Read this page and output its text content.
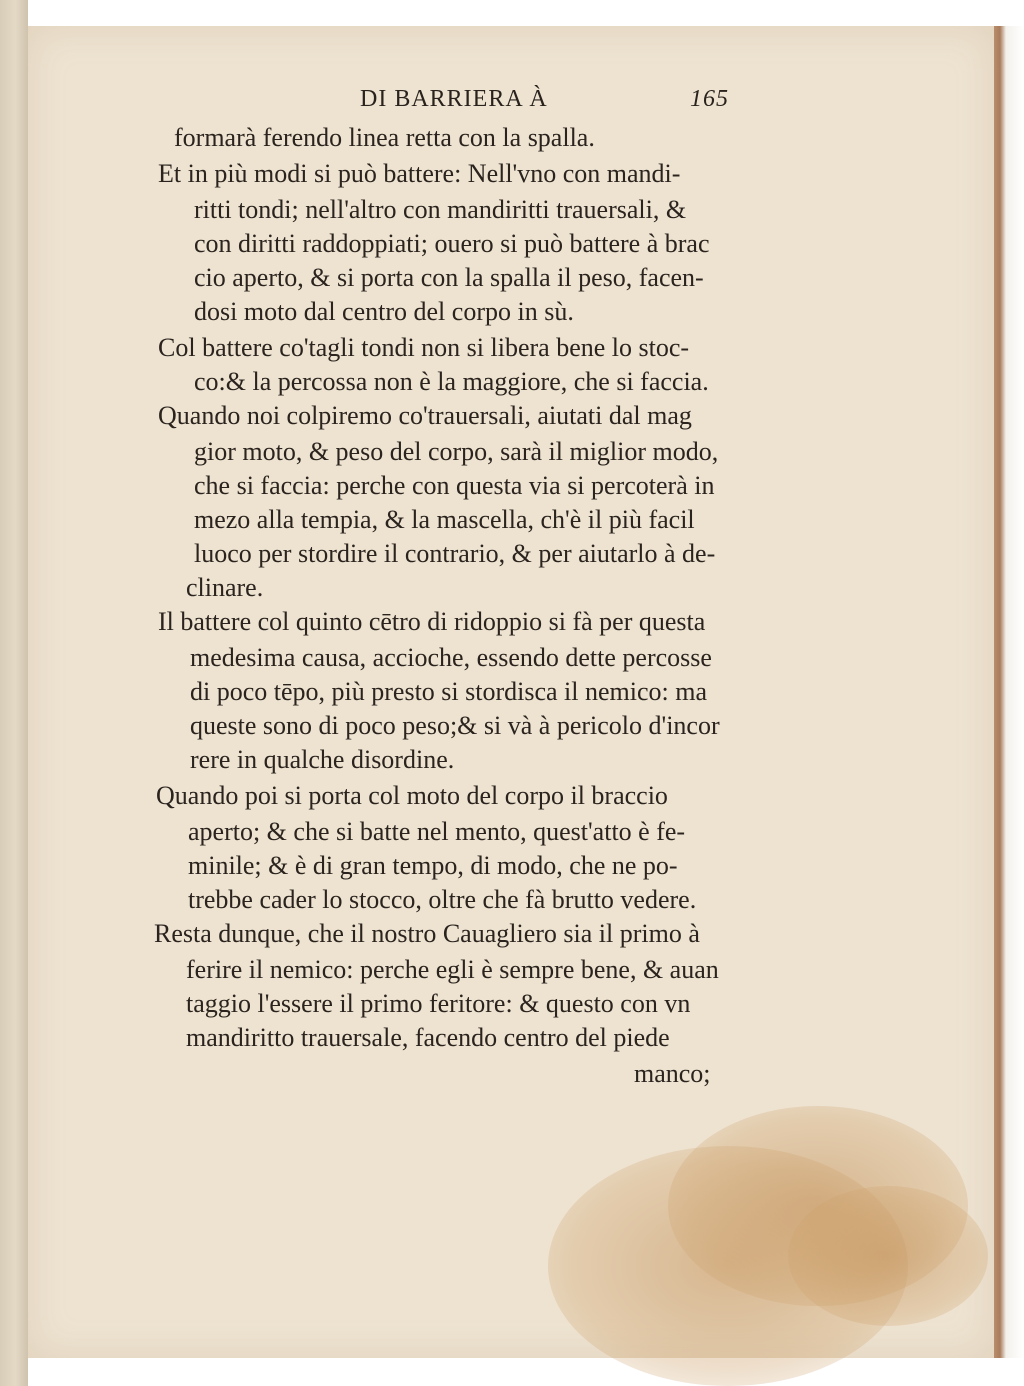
DI BARRIERA À	165
formarà ferendo linea retta con la spalla.
Et in più modi si può battere: Nell'vno con mandi-
ritti tondi; nell'altro con mandiritti trauersali, &
con diritti raddoppiati; ouero si può battere à brac
cio aperto, & si porta con la spalla il peso, facen-
dosi moto dal centro del corpo in sù.
Col battere co'tagli tondi non si libera bene lo stoc-
co:& la percossa non è la maggiore, che si faccia.
Quando noi colpiremo co'trauersali, aiutati dal mag
gior moto, & peso del corpo, sarà il miglior modo,
che si faccia: perche con questa via si percoterà in
mezo alla tempia, & la mascella, ch'è il più facil
luoco per stordire il contrario, & per aiutarlo à de-
clinare.
Il battere col quinto cētro di ridoppio si fà per questa
medesima causa, accioche, essendo dette percosse
di poco tēpo, più presto si stordisca il nemico: ma
queste sono di poco peso;& si và à pericolo d'incor
rere in qualche disordine.
Quando poi si porta col moto del corpo il braccio
aperto; & che si batte nel mento, quest'atto è fe-
minile; & è di gran tempo, di modo, che ne po-
trebbe cader lo stocco, oltre che fà brutto vedere.
Resta dunque, che il nostro Cauagliero sia il primo à
ferire il nemico: perche egli è sempre bene, & auan
taggio l'essere il primo feritore: & questo con vn
mandiritto trauersale, facendo centro del piede
manco;
